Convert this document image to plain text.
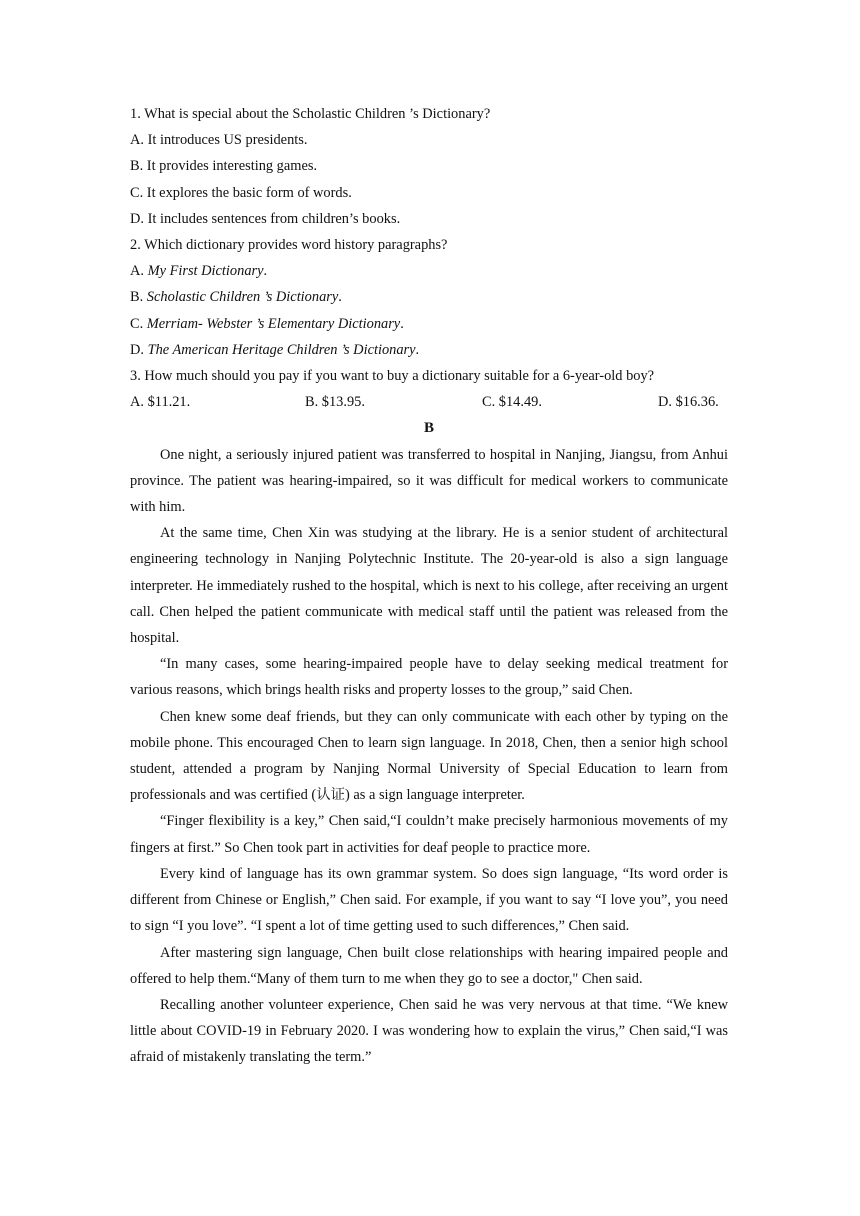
1. What is special about the Scholastic Children ’s Dictionary?

A. It introduces US presidents.

B. It provides interesting games.

C. It explores the basic form of words.

D. It includes sentences from children’s books.

2. Which dictionary provides word history paragraphs?

A. My First Dictionary.

B. Scholastic Children ’s Dictionary.

C. Merriam- Webster ’s Elementary Dictionary.

D. The American Heritage Children ’s Dictionary.

3. How much should you pay if you want to buy a dictionary suitable for a 6-year-old boy?

A. $11.21.	B. $13.95.	C. $14.49.	D. $16.36.

B

One night, a seriously injured patient was transferred to hospital in Nanjing, Jiangsu, from Anhui province. The patient was hearing-impaired, so it was difficult for medical workers to communicate with him.

At the same time, Chen Xin was studying at the library. He is a senior student of architectural engineering technology in Nanjing Polytechnic Institute. The 20-year-old is also a sign language interpreter. He immediately rushed to the hospital, which is next to his college, after receiving an urgent call. Chen helped the patient communicate with medical staff until the patient was released from the hospital.

“In many cases, some hearing-impaired people have to delay seeking medical treatment for various reasons, which brings health risks and property losses to the group,” said Chen.

Chen knew some deaf friends, but they can only communicate with each other by typing on the mobile phone. This encouraged Chen to learn sign language. In 2018, Chen, then a senior high school student, attended a program by Nanjing Normal University of Special Education to learn from professionals and was certified (认证) as a sign language interpreter.

“Finger flexibility is a key,” Chen said,“I couldn’t make precisely harmonious movements of my fingers at first.” So Chen took part in activities for deaf people to practice more.

Every kind of language has its own grammar system. So does sign language, “Its word order is different from Chinese or English,” Chen said. For example, if you want to say “I love you”, you need to sign “I you love”. “I spent a lot of time getting used to such differences,” Chen said.

After mastering sign language, Chen built close relationships with hearing impaired people and offered to help them.“Many of them turn to me when they go to see a doctor," Chen said.

Recalling another volunteer experience, Chen said he was very nervous at that time. “We knew little about COVID-19 in February 2020. I was wondering how to explain the virus,” Chen said,“I was afraid of mistakenly translating the term.”
